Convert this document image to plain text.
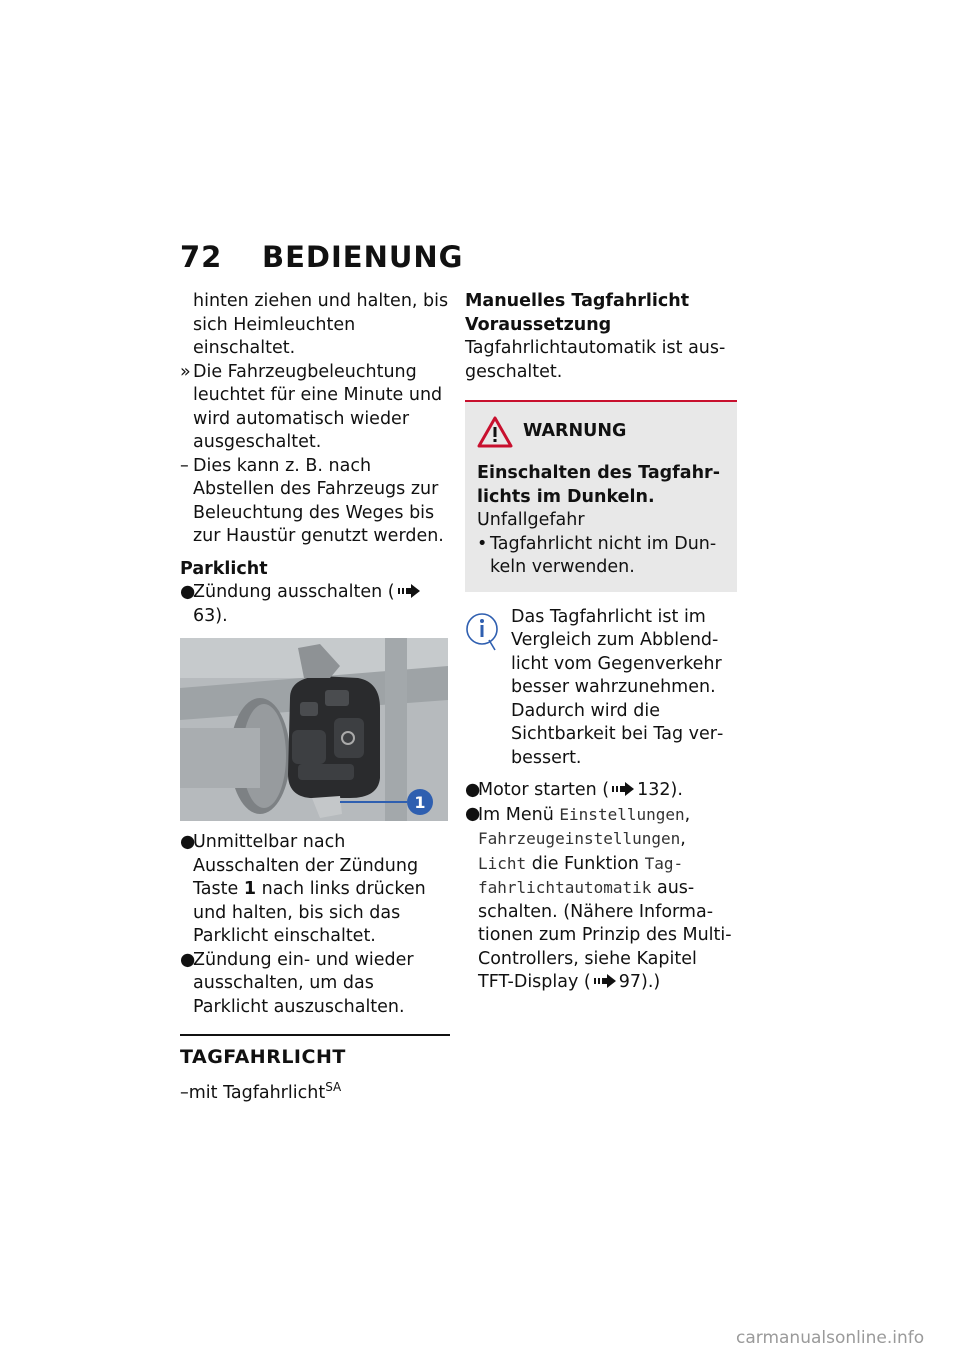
72 BEDIENUNG

hinten ziehen und halten, bis sich Heimleuchten einschaltet.

» Die Fahrzeugbeleuchtung leuchtet für eine Minute und wird automatisch wieder ausgeschaltet.
– Dies kann z. B. nach Abstellen des Fahrzeugs zur Beleuchtung des Weges bis zur Haustür genutzt werden.

Parklicht

●
Zündung ausschalten (63).
1
●
Unmittelbar nach Ausschalten der Zündung Taste 1 nach links drücken und halten, bis sich das Parklicht einschaltet.
●
Zündung ein- und wieder ausschalten, um das Parklicht auszuschalten.
TAGFAHRLICHT

–mit Tagfahrlicht$^{SA}$

Manuelles Tagfahrlicht

Voraussetzung

Tagfahrlichtautomatik ist ausgeschaltet.

WARNUNG

Einschalten des Tagfahrlichts im Dunkeln.

Unfallgefahr

• Tagfahrlicht nicht im Dunkeln verwenden.

Das Tagfahrlicht ist im Vergleich zum Abblendlicht vom Gegenverkehr besser wahrzunehmen. Dadurch wird die Sichtbarkeit bei Tag verbessert.

●
Motor starten ( 132).
●
Im Menü Einstellungen, Fahrzeugeinstellungen, Licht die Funktion Tagfahrlichtautomatik ausschalten. (Nähere Informationen zum Prinzip des Multi-Controllers, siehe Kapitel TFT-Display ( 97).)
carmanualsonline.info
